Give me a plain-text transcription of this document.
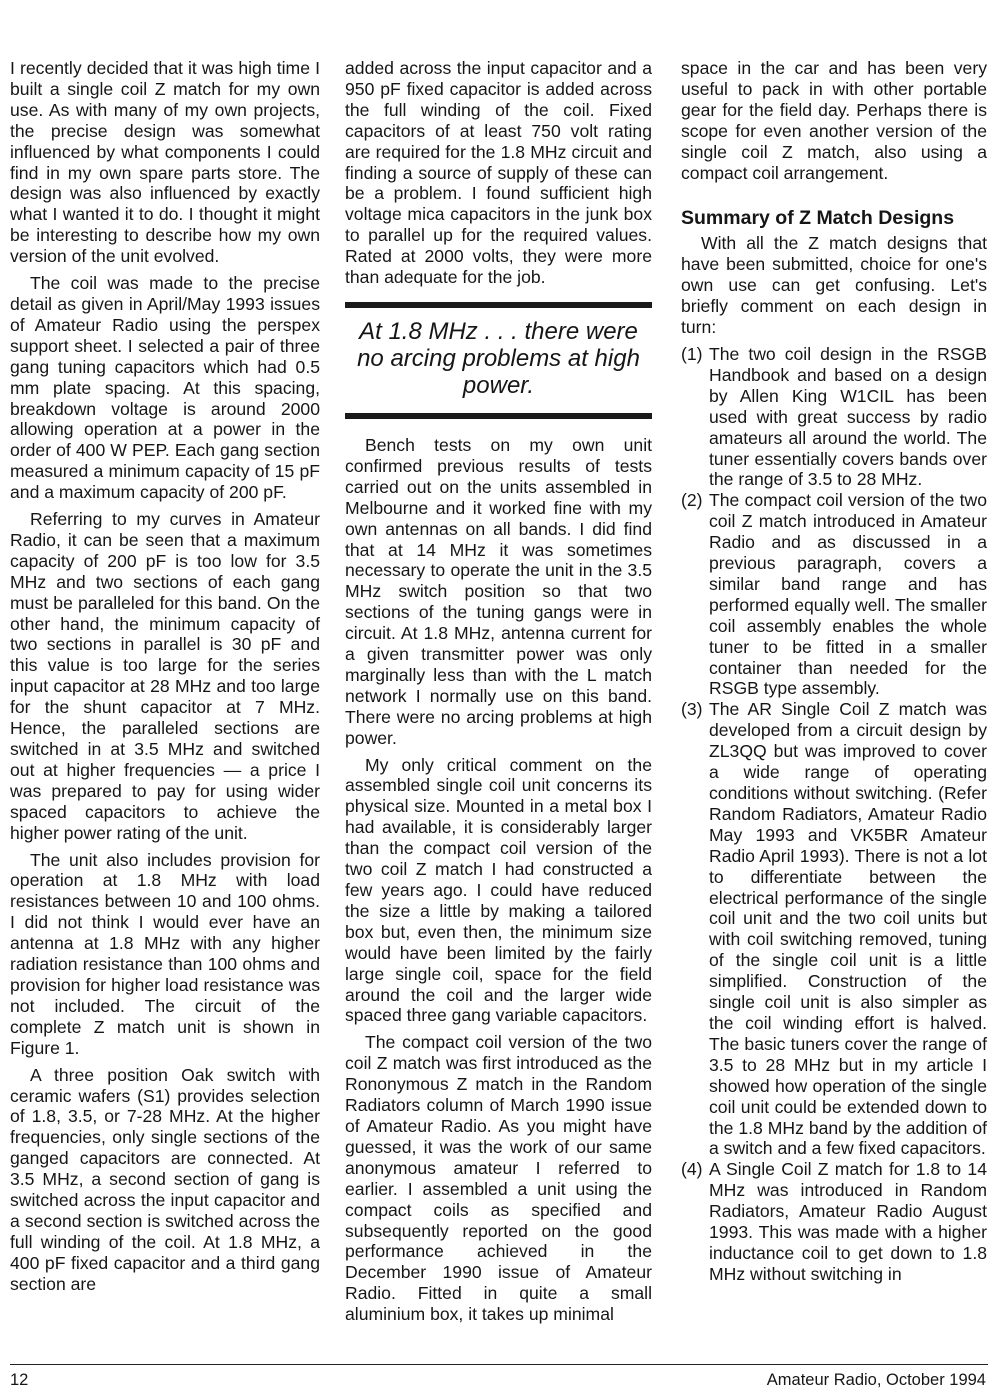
I recently decided that it was high time I built a single coil Z match for my own use. As with many of my own projects, the precise design was somewhat influenced by what components I could find in my own spare parts store. The design was also influenced by exactly what I wanted it to do. I thought it might be interesting to describe how my own version of the unit evolved.

The coil was made to the precise detail as given in April/May 1993 issues of Amateur Radio using the perspex support sheet. I selected a pair of three gang tuning capacitors which had 0.5 mm plate spacing. At this spacing, breakdown voltage is around 2000 allowing operation at a power in the order of 400 W PEP. Each gang section measured a minimum capacity of 15 pF and a maximum capacity of 200 pF.

Referring to my curves in Amateur Radio, it can be seen that a maximum capacity of 200 pF is too low for 3.5 MHz and two sections of each gang must be paralleled for this band. On the other hand, the minimum capacity of two sections in parallel is 30 pF and this value is too large for the series input capacitor at 28 MHz and too large for the shunt capacitor at 7 MHz. Hence, the paralleled sections are switched in at 3.5 MHz and switched out at higher frequencies — a price I was prepared to pay for using wider spaced capacitors to achieve the higher power rating of the unit.

The unit also includes provision for operation at 1.8 MHz with load resistances between 10 and 100 ohms. I did not think I would ever have an antenna at 1.8 MHz with any higher radiation resistance than 100 ohms and provision for higher load resistance was not included. The circuit of the complete Z match unit is shown in Figure 1.

A three position Oak switch with ceramic wafers (S1) provides selection of 1.8, 3.5, or 7-28 MHz. At the higher frequencies, only single sections of the ganged capacitors are connected. At 3.5 MHz, a second section of gang is switched across the input capacitor and a second section is switched across the full winding of the coil. At 1.8 MHz, a 400 pF fixed capacitor and a third gang section are

added across the input capacitor and a 950 pF fixed capacitor is added across the full winding of the coil. Fixed capacitors of at least 750 volt rating are required for the 1.8 MHz circuit and finding a source of supply of these can be a problem. I found sufficient high voltage mica capacitors in the junk box to parallel up for the required values. Rated at 2000 volts, they were more than adequate for the job.

At 1.8 MHz . . . there were no arcing problems at high power.

Bench tests on my own unit confirmed previous results of tests carried out on the units assembled in Melbourne and it worked fine with my own antennas on all bands. I did find that at 14 MHz it was sometimes necessary to operate the unit in the 3.5 MHz switch position so that two sections of the tuning gangs were in circuit. At 1.8 MHz, antenna current for a given transmitter power was only marginally less than with the L match network I normally use on this band. There were no arcing problems at high power.

My only critical comment on the assembled single coil unit concerns its physical size. Mounted in a metal box I had available, it is considerably larger than the compact coil version of the two coil Z match I had constructed a few years ago. I could have reduced the size a little by making a tailored box but, even then, the minimum size would have been limited by the fairly large single coil, space for the field around the coil and the larger wide spaced three gang variable capacitors.

The compact coil version of the two coil Z match was first introduced as the Rononymous Z match in the Random Radiators column of March 1990 issue of Amateur Radio. As you might have guessed, it was the work of our same anonymous amateur I referred to earlier. I assembled a unit using the compact coils as specified and subsequently reported on the good performance achieved in the December 1990 issue of Amateur Radio. Fitted in quite a small aluminium box, it takes up minimal

space in the car and has been very useful to pack in with other portable gear for the field day. Perhaps there is scope for even another version of the single coil Z match, also using a compact coil arrangement.

Summary of Z Match Designs

With all the Z match designs that have been submitted, choice for one's own use can get confusing. Let's briefly comment on each design in turn:

(1) The two coil design in the RSGB Handbook and based on a design by Allen King W1CIL has been used with great success by radio amateurs all around the world. The tuner essentially covers bands over the range of 3.5 to 28 MHz.
(2) The compact coil version of the two coil Z match introduced in Amateur Radio and as discussed in a previous paragraph, covers a similar band range and has performed equally well. The smaller coil assembly enables the whole tuner to be fitted in a smaller container than needed for the RSGB type assembly.
(3) The AR Single Coil Z match was developed from a circuit design by ZL3QQ but was improved to cover a wide range of operating conditions without switching. (Refer Random Radiators, Amateur Radio May 1993 and VK5BR Amateur Radio April 1993). There is not a lot to differentiate between the electrical performance of the single coil unit and the two coil units but with coil switching removed, tuning of the single coil unit is a little simplified. Construction of the single coil unit is also simpler as the coil winding effort is halved. The basic tuners cover the range of 3.5 to 28 MHz but in my article I showed how operation of the single coil unit could be extended down to the 1.8 MHz band by the addition of a switch and a few fixed capacitors.
(4) A Single Coil Z match for 1.8 to 14 MHz was introduced in Random Radiators, Amateur Radio August 1993. This was made with a higher inductance coil to get down to 1.8 MHz without switching in
12	Amateur Radio, October 1994
